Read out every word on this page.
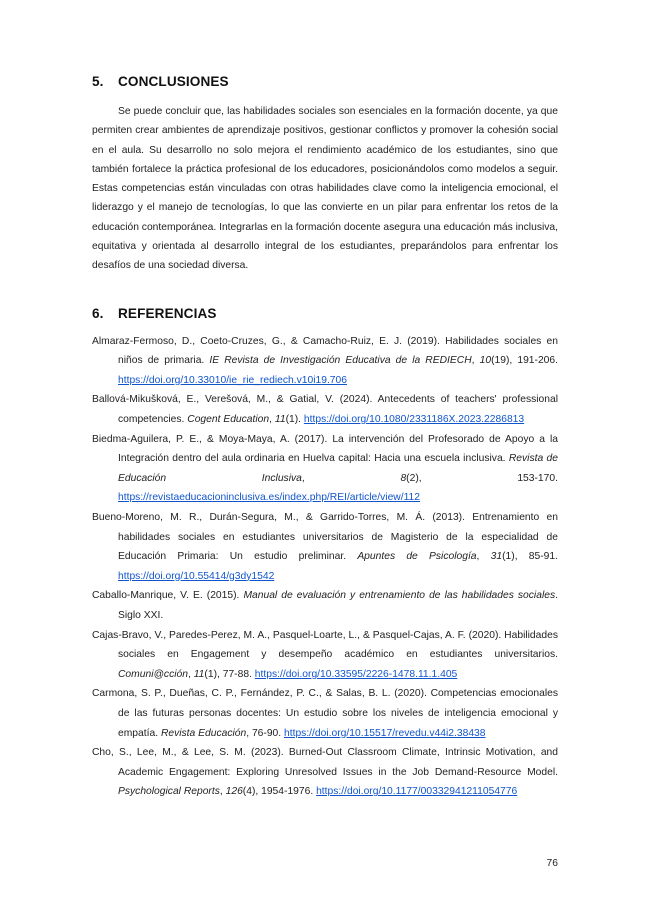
5. CONCLUSIONES

Se puede concluir que, las habilidades sociales son esenciales en la formación docente, ya que permiten crear ambientes de aprendizaje positivos, gestionar conflictos y promover la cohesión social en el aula. Su desarrollo no solo mejora el rendimiento académico de los estudiantes, sino que también fortalece la práctica profesional de los educadores, posicionándolos como modelos a seguir. Estas competencias están vinculadas con otras habilidades clave como la inteligencia emocional, el liderazgo y el manejo de tecnologías, lo que las convierte en un pilar para enfrentar los retos de la educación contemporánea. Integrarlas en la formación docente asegura una educación más inclusiva, equitativa y orientada al desarrollo integral de los estudiantes, preparándolos para enfrentar los desafíos de una sociedad diversa.

6. REFERENCIAS

Almaraz-Fermoso, D., Coeto-Cruzes, G., & Camacho-Ruiz, E. J. (2019). Habilidades sociales en niños de primaria. IE Revista de Investigación Educativa de la REDIECH, 10(19), 191-206. https://doi.org/10.33010/ie_rie_rediech.v10i19.706

Ballová-Mikušková, E., Verešová, M., & Gatial, V. (2024). Antecedents of teachers' professional competencies. Cogent Education, 11(1). https://doi.org/10.1080/2331186X.2023.2286813

Biedma-Aguilera, P. E., & Moya-Maya, A. (2017). La intervención del Profesorado de Apoyo a la Integración dentro del aula ordinaria en Huelva capital: Hacia una escuela inclusiva. Revista de Educación Inclusiva, 8(2), 153-170. https://revistaeducacioninclusiva.es/index.php/REI/article/view/112

Bueno-Moreno, M. R., Durán-Segura, M., & Garrido-Torres, M. Á. (2013). Entrenamiento en habilidades sociales en estudiantes universitarios de Magisterio de la especialidad de Educación Primaria: Un estudio preliminar. Apuntes de Psicología, 31(1), 85-91. https://doi.org/10.55414/g3dy1542

Caballo-Manrique, V. E. (2015). Manual de evaluación y entrenamiento de las habilidades sociales. Siglo XXI.

Cajas-Bravo, V., Paredes-Perez, M. A., Pasquel-Loarte, L., & Pasquel-Cajas, A. F. (2020). Habilidades sociales en Engagement y desempeño académico en estudiantes universitarios. Comuni@cción, 11(1), 77-88. https://doi.org/10.33595/2226-1478.11.1.405

Carmona, S. P., Dueñas, C. P., Fernández, P. C., & Salas, B. L. (2020). Competencias emocionales de las futuras personas docentes: Un estudio sobre los niveles de inteligencia emocional y empatía. Revista Educación, 76-90. https://doi.org/10.15517/revedu.v44i2.38438

Cho, S., Lee, M., & Lee, S. M. (2023). Burned-Out Classroom Climate, Intrinsic Motivation, and Academic Engagement: Exploring Unresolved Issues in the Job Demand-Resource Model. Psychological Reports, 126(4), 1954-1976. https://doi.org/10.1177/00332941211054776

76
